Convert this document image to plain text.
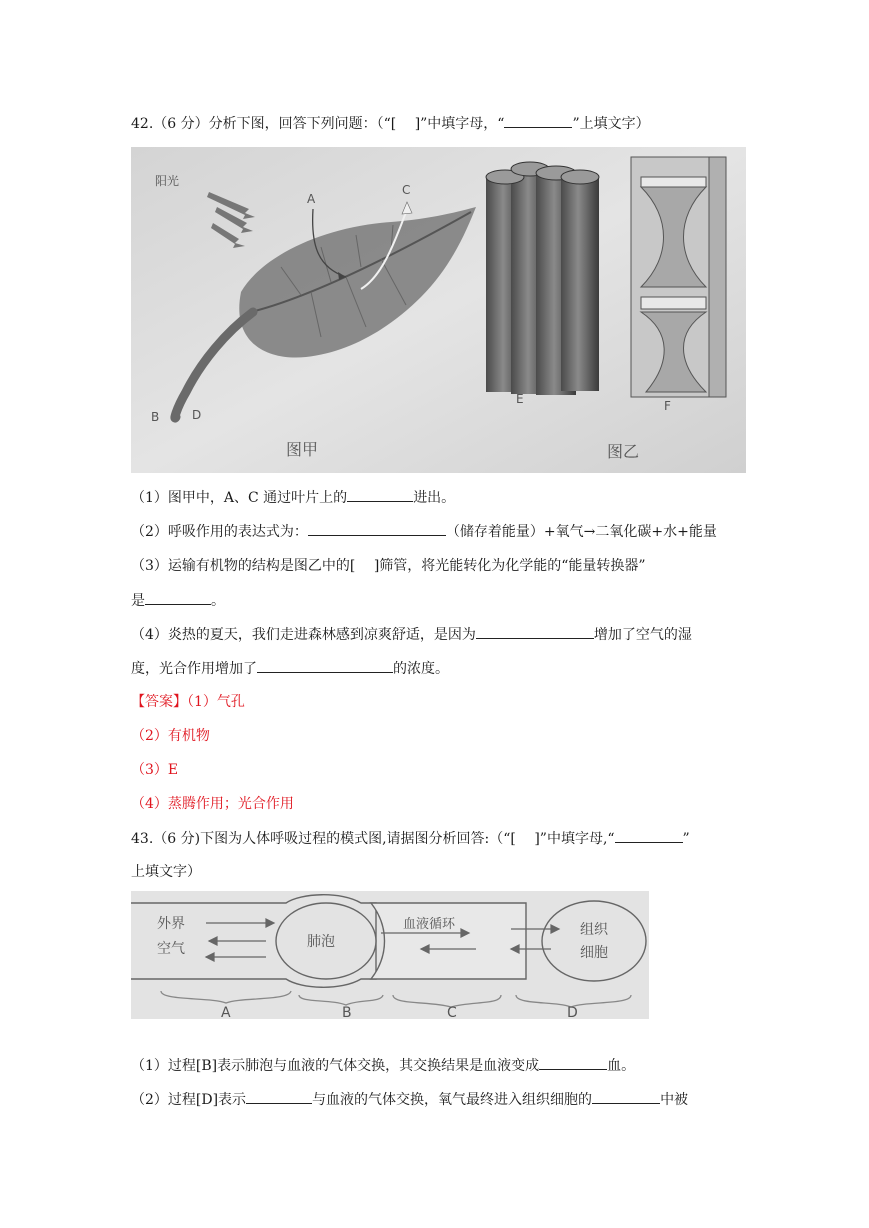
42.（6 分）分析下图，回答下列问题：（“[　 ]”中填字母，“	”上填文字）
阳光
A
C
B	D
E	F
图甲	图乙
（1）图甲中，A、C 通过叶片上的	进出。
（2）呼吸作用的表达式为：	（储存着能量）+氧气→二氧化碳+水+能量
（3）运输有机物的结构是图乙中的[　 ]筛管，将光能转化为化学能的“能量转换器”
是	。
（4）炎热的夏天，我们走进森林感到凉爽舒适，是因为	增加了空气的湿
度，光合作用增加了	的浓度。
【答案】（1）气孔
（2）有机物
（3）E
（4）蒸腾作用；光合作用
43.（6 分)下图为人体呼吸过程的模式图,请据图分析回答:（“[　 ]”中填字母,“	”
上填文字）
外界
空气	肺泡
血液循环	组织
细胞
A	B	C	D
（1）过程[B]表示肺泡与血液的气体交换，其交换结果是血液变成	血。
（2）过程[D]表示	与血液的气体交换，氧气最终进入组织细胞的	中被
